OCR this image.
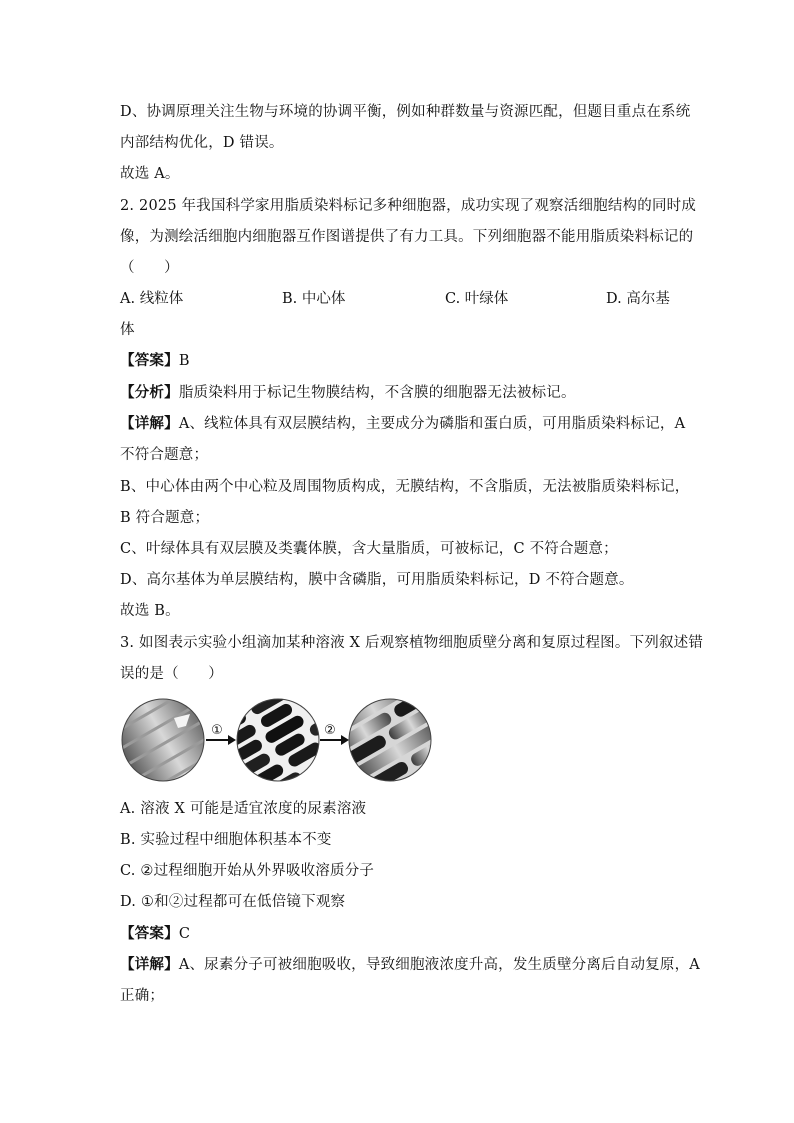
D、协调原理关注生物与环境的协调平衡，例如种群数量与资源匹配，但题目重点在系统
内部结构优化，D 错误。
故选 A。
2. 2025 年我国科学家用脂质染料标记多种细胞器，成功实现了观察活细胞结构的同时成
像，为测绘活细胞内细胞器互作图谱提供了有力工具。下列细胞器不能用脂质染料标记的
（　　）
A. 线粒体	B. 中心体	C. 叶绿体	D. 高尔基
体
【答案】B
【分析】脂质染料用于标记生物膜结构，不含膜的细胞器无法被标记。
【详解】A、线粒体具有双层膜结构，主要成分为磷脂和蛋白质，可用脂质染料标记，A
不符合题意；
B、中心体由两个中心粒及周围物质构成，无膜结构，不含脂质，无法被脂质染料标记，
B 符合题意；
C、叶绿体具有双层膜及类囊体膜，含大量脂质，可被标记，C 不符合题意；
D、高尔基体为单层膜结构，膜中含磷脂，可用脂质染料标记，D 不符合题意。
故选 B。
3. 如图表示实验小组滴加某种溶液 X 后观察植物细胞质壁分离和复原过程图。下列叙述错
误的是（　　）
①	②
A. 溶液 X 可能是适宜浓度的尿素溶液
B. 实验过程中细胞体积基本不变
C. ②过程细胞开始从外界吸收溶质分子
D. ①和②过程都可在低倍镜下观察
【答案】C
【详解】A、尿素分子可被细胞吸收，导致细胞液浓度升高，发生质壁分离后自动复原，A
正确；
